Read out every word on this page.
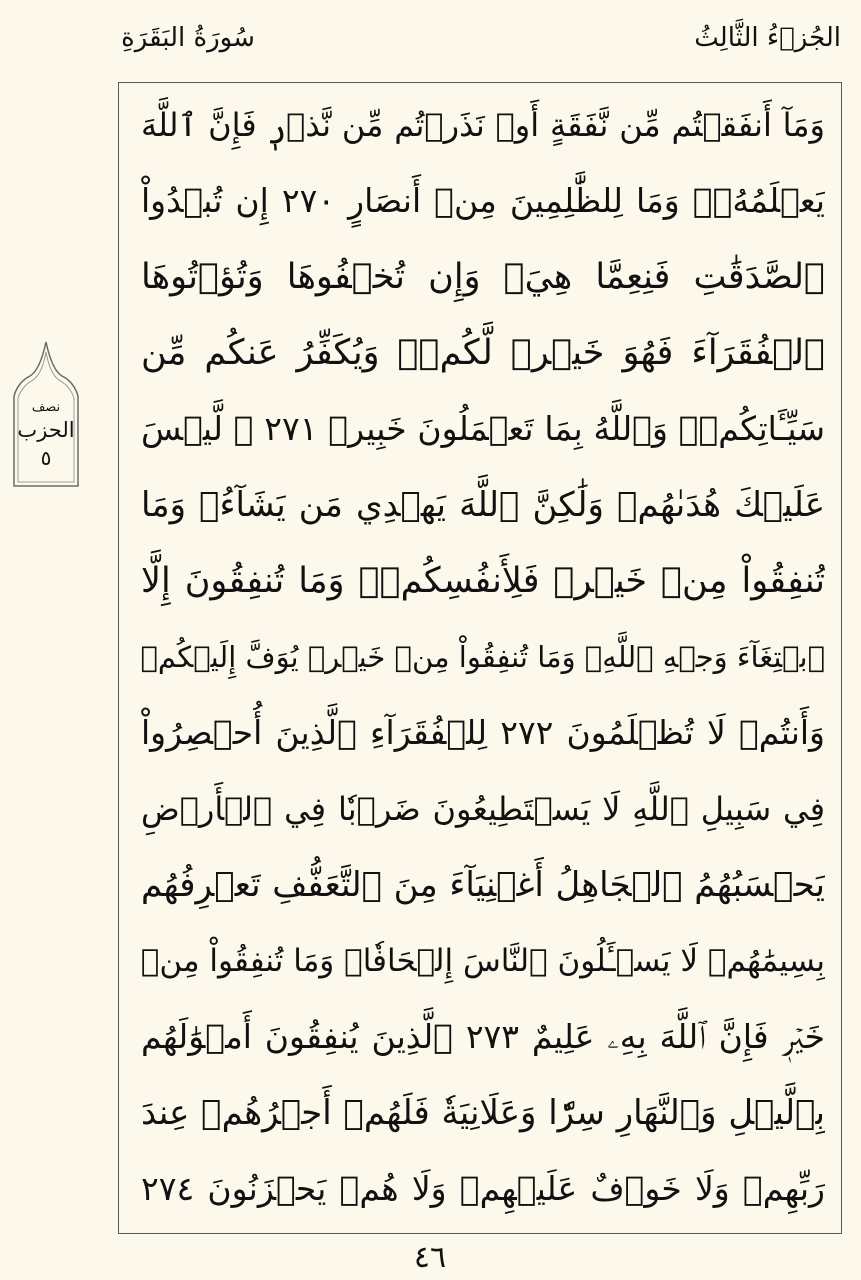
سُورَةُ البَقَرَةِ	الجُزۡءُ الثَّالِثُ
نصف
الحزب
٥
وَمَآ أَنفَقۡتُم مِّن نَّفَقَةٍ أَوۡ نَذَرۡتُم مِّن نَّذۡرٖ فَإِنَّ ٱللَّهَ
يَعۡلَمُهُۥۗ وَمَا لِلظَّٰلِمِينَ مِنۡ أَنصَارٍ ٢٧٠ إِن تُبۡدُواْ
ٱلصَّدَقَٰتِ فَنِعِمَّا هِيَۖ وَإِن تُخۡفُوهَا وَتُؤۡتُوهَا
ٱلۡفُقَرَآءَ فَهُوَ خَيۡرٞ لَّكُمۡۚ وَيُكَفِّرُ عَنكُم مِّن
سَيِّـَٔاتِكُمۡۗ وَٱللَّهُ بِمَا تَعۡمَلُونَ خَبِيرٞ ٢٧١ ۞ لَّيۡسَ
عَلَيۡكَ هُدَىٰهُمۡ وَلَٰكِنَّ ٱللَّهَ يَهۡدِي مَن يَشَآءُۗ وَمَا
تُنفِقُواْ مِنۡ خَيۡرٖ فَلِأَنفُسِكُمۡۚ وَمَا تُنفِقُونَ إِلَّا
ٱبۡتِغَآءَ وَجۡهِ ٱللَّهِۚ وَمَا تُنفِقُواْ مِنۡ خَيۡرٖ يُوَفَّ إِلَيۡكُمۡ
وَأَنتُمۡ لَا تُظۡلَمُونَ ٢٧٢ لِلۡفُقَرَآءِ ٱلَّذِينَ أُحۡصِرُواْ
فِي سَبِيلِ ٱللَّهِ لَا يَسۡتَطِيعُونَ ضَرۡبٗا فِي ٱلۡأَرۡضِ
يَحۡسَبُهُمُ ٱلۡجَاهِلُ أَغۡنِيَآءَ مِنَ ٱلتَّعَفُّفِ تَعۡرِفُهُم
بِسِيمَٰهُمۡ لَا يَسۡـَٔلُونَ ٱلنَّاسَ إِلۡحَافٗاۗ وَمَا تُنفِقُواْ مِنۡ
خَيۡرٖ فَإِنَّ ٱللَّهَ بِهِۦ عَلِيمٌ ٢٧٣ ٱلَّذِينَ يُنفِقُونَ أَمۡوَٰلَهُم
بِٱلَّيۡلِ وَٱلنَّهَارِ سِرّٗا وَعَلَانِيَةٗ فَلَهُمۡ أَجۡرُهُمۡ عِندَ
رَبِّهِمۡ وَلَا خَوۡفٌ عَلَيۡهِمۡ وَلَا هُمۡ يَحۡزَنُونَ ٢٧٤
٤٦
